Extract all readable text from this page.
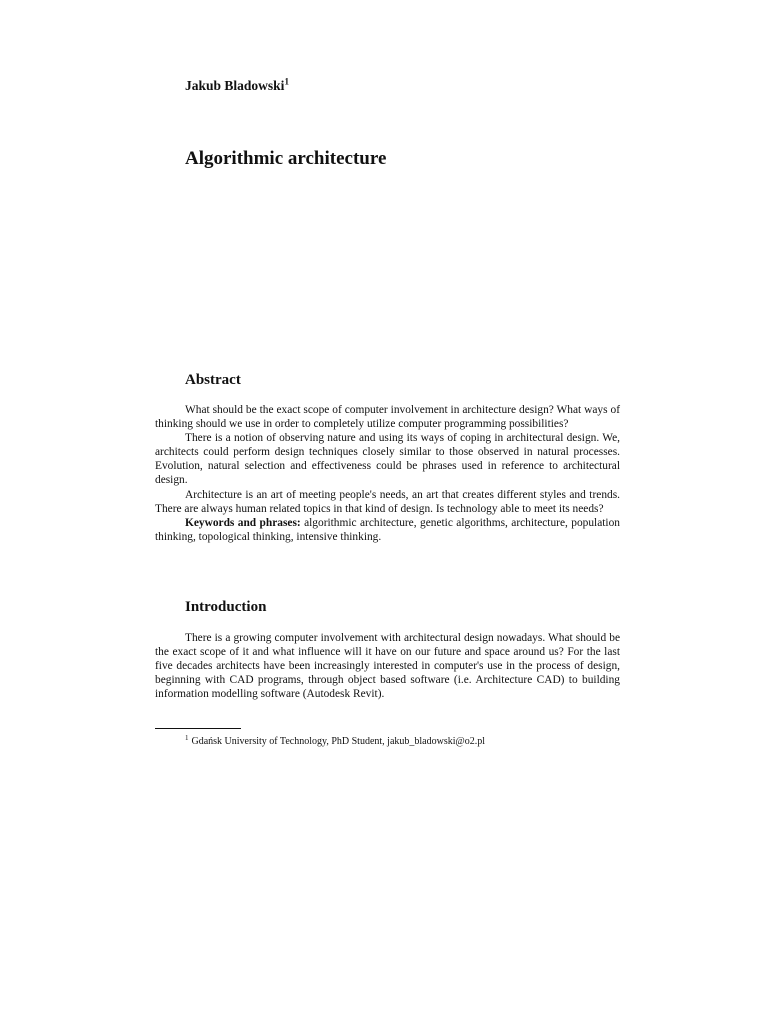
Jakub Bladowski$^1$

Algorithmic architecture
Abstract

What should be the exact scope of computer involvement in architecture design? What ways of thinking should we use in order to completely utilize computer programming possibilities?

There is a notion of observing nature and using its ways of coping in architectural design. We, architects could perform design techniques closely similar to those observed in natural processes. Evolution, natural selection and effectiveness could be phrases used in reference to architectural design.

Architecture is an art of meeting people's needs, an art that creates different styles and trends. There are always human related topics in that kind of design. Is technology able to meet its needs?

Keywords and phrases: algorithmic architecture, genetic algorithms, architecture, population thinking, topological thinking, intensive thinking.

Introduction

There is a growing computer involvement with architectural design nowadays. What should be the exact scope of it and what influence will it have on our future and space around us? For the last five decades architects have been increasingly interested in computer's use in the process of design, beginning with CAD programs, through object based software (i.e. Architecture CAD) to building information modelling software (Autodesk Revit).

$^1$ Gdańsk University of Technology, PhD Student, jakub_bladowski@o2.pl
